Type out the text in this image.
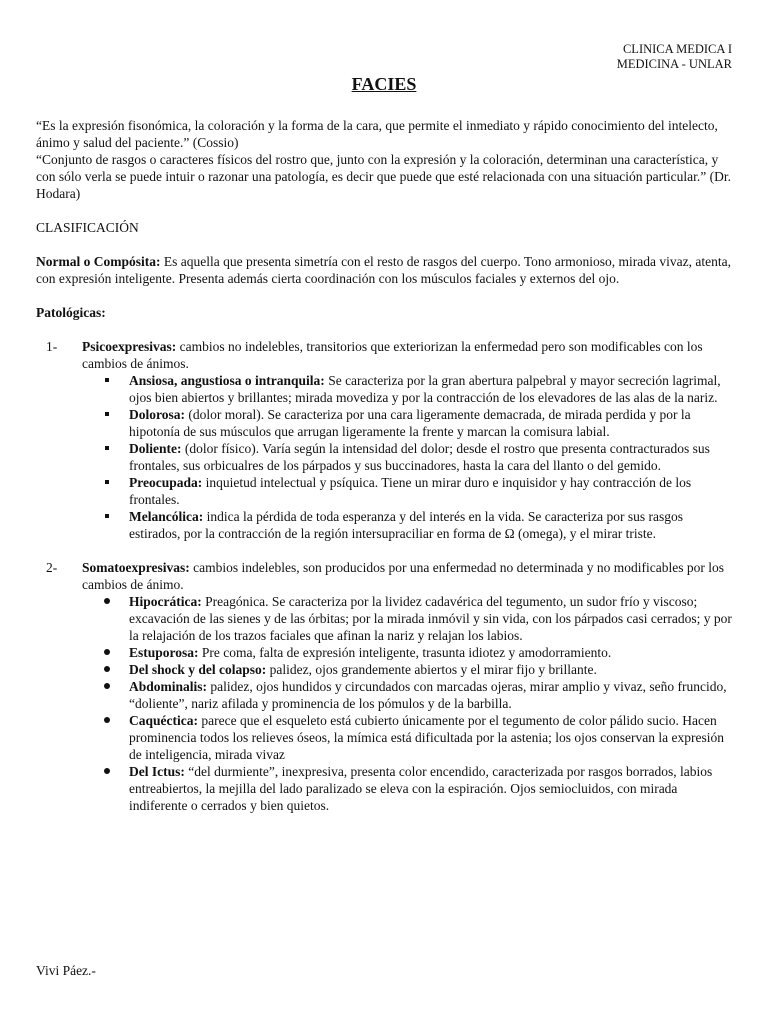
CLINICA MEDICA I
MEDICINA - UNLAR
FACIES

“Es la expresión fisonómica, la coloración y la forma de la cara, que permite el inmediato y rápido conocimiento del intelecto, ánimo y salud del paciente.” (Cossio)

“Conjunto de rasgos o caracteres físicos del rostro que, junto con la expresión y la coloración, determinan una característica, y con sólo verla se puede intuir o razonar una patología, es decir que puede que esté relacionada con una situación particular.” (Dr. Hodara)

CLASIFICACIÓN

Normal o Compósita: Es aquella que presenta simetría con el resto de rasgos del cuerpo. Tono armonioso, mirada vivaz, atenta, con expresión inteligente. Presenta además cierta coordinación con los músculos faciales y externos del ojo.

Patológicas:

1- Psicoexpresivas: cambios no indelebles, transitorios que exteriorizan la enfermedad pero son modificables con los cambios de ánimos.
Ansiosa, angustiosa o intranquila: Se caracteriza por la gran abertura palpebral y mayor secreción lagrimal, ojos bien abiertos y brillantes; mirada movediza y por la contracción de los elevadores de las alas de la nariz.
Dolorosa: (dolor moral). Se caracteriza por una cara ligeramente demacrada, de mirada perdida y por la hipotonía de sus músculos que arrugan ligeramente la frente y marcan la comisura labial.
Doliente: (dolor físico). Varía según la intensidad del dolor; desde el rostro que presenta contracturados sus frontales, sus orbicualres de los párpados y sus buccinadores, hasta la cara del llanto o del gemido.
Preocupada: inquietud intelectual y psíquica. Tiene un mirar duro e inquisidor y hay contracción de los frontales.
Melancólica: indica la pérdida de toda esperanza y del interés en la vida. Se caracteriza por sus rasgos estirados, por la contracción de la región intersupraciliar en forma de Ω (omega), y el mirar triste.
2- Somatoexpresivas: cambios indelebles, son producidos por una enfermedad no determinada y no modificables por los cambios de ánimo.
Hipocrática: Preagónica. Se caracteriza por la lividez cadavérica del tegumento, un sudor frío y viscoso; excavación de las sienes y de las órbitas; por la mirada inmóvil y sin vida, con los párpados casi cerrados; y por la relajación de los trazos faciales que afinan la nariz y relajan los labios.
Estuporosa: Pre coma, falta de expresión inteligente, trasunta idiotez y amodorramiento.
Del shock y del colapso: palidez, ojos grandemente abiertos y el mirar fijo y brillante.
Abdominalis: palidez, ojos hundidos y circundados con marcadas ojeras, mirar amplio y vivaz, seño fruncido, “doliente”, nariz afilada y prominencia de los pómulos y de la barbilla.
Caquéctica: parece que el esqueleto está cubierto únicamente por el tegumento de color pálido sucio. Hacen prominencia todos los relieves óseos, la mímica está dificultada por la astenia; los ojos conservan la expresión de inteligencia, mirada vivaz
Del Ictus: “del durmiente”, inexpresiva, presenta color encendido, caracterizada por rasgos borrados, labios entreabiertos, la mejilla del lado paralizado se eleva con la espiración. Ojos semiocluidos, con mirada indiferente o cerrados y bien quietos.
Vivi Páez.-
